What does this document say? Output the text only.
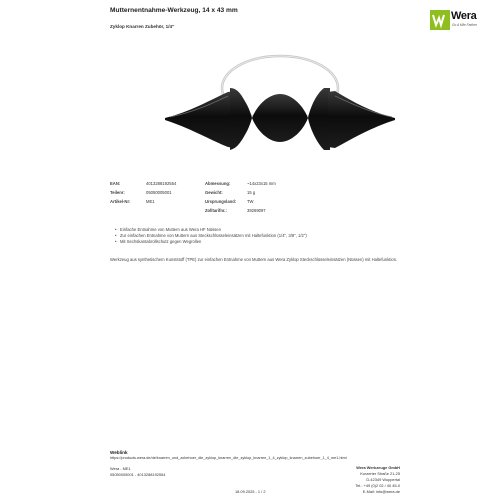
Mutternentnahme-Werkzeug, 14 x 43 mm
Zyklop Knarren Zubehör, 1/4"
Wera
Go A Mile Farther
EAN:	4013288192554
Teilenr:	05050005001
Artikel-Nr:	ME1
Abmessung:	~14x23x15 mm
Gewicht:	15 g
Ursprungsland:	TW
Zolltarifnr.:	39269097
• Einfache Entnahme von Muttern aus Wera HF Nüssen
• Zur einfachen Entnahme von Muttern aus Steckschlüsseleinsätzen mit Haltefunktion (1/4", 3/8", 1/2")
• Mit Sechskantabrollschutz gegen Wegrollen
Werkzeug aus synthetischem Kunststoff (TPE) zur einfachen Entnahme von Muttern aus Wera Zyklop Steckschlüsseleinsätzen (Nüssen) mit Haltefunktion.
Weblink
https://products.wera.de/de/knarren_und_zubehoer_die_zyklop_knarren_die_zyklop_knarren_1_4_zyklop_knarren_zubehoer_1_4_me1.html
Wera - ME1
05050005001 - 4013288192554
Wera Werkzeuge GmbH
Korzerter Straße 21-25
D-42349 Wuppertal
Tel.: +49 (0)2 02 / 40 45-0
E-Mail: info@wera.de
18.09.2025 - 1 / 2
